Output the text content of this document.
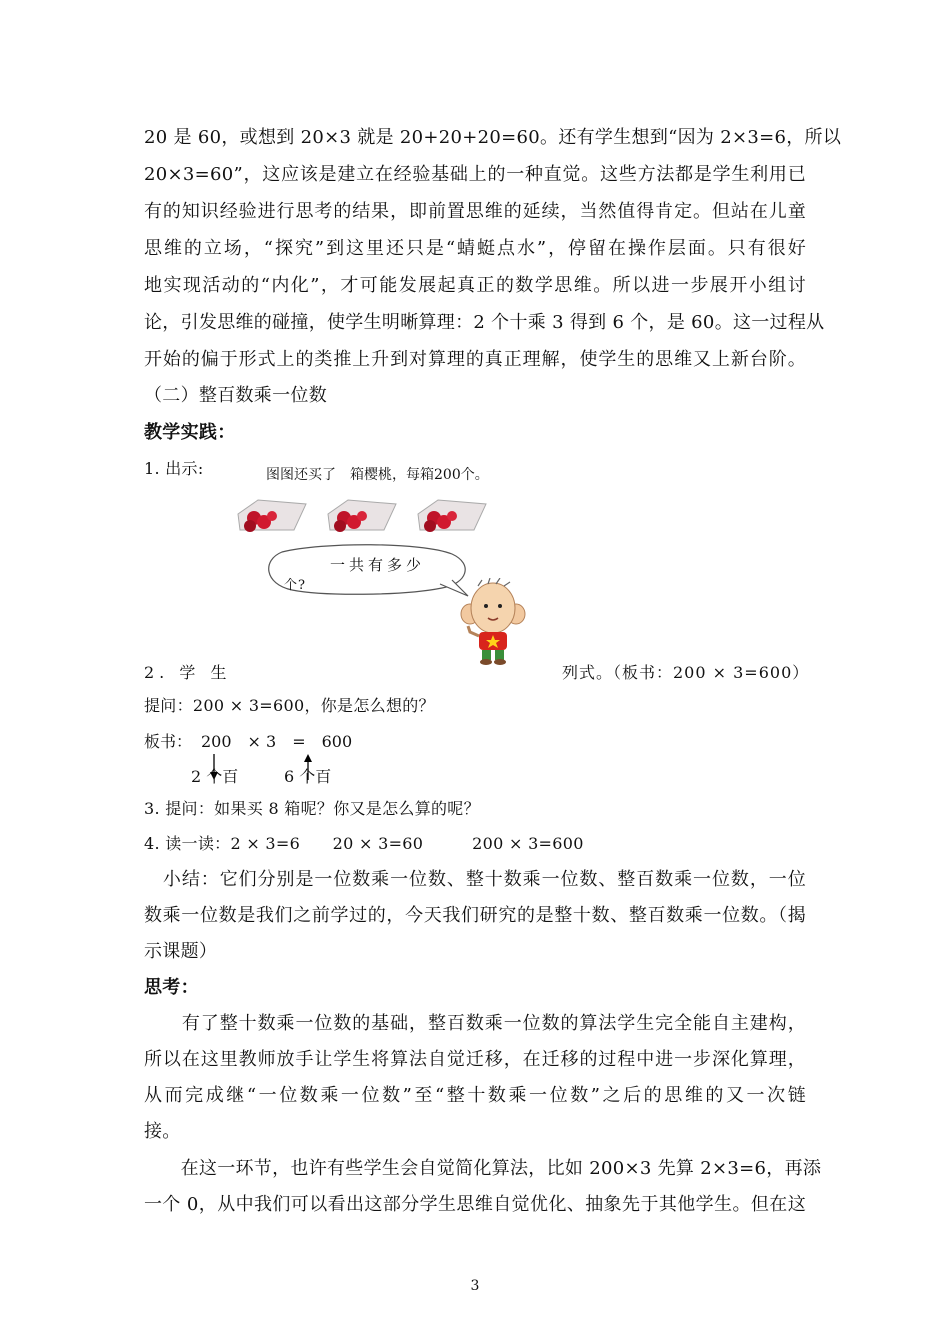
20 是 60，或想到 20×3 就是 20+20+20=60。还有学生想到“因为 2×3=6，所以
20×3=60”，这应该是建立在经验基础上的一种直觉。这些方法都是学生利用已
有的知识经验进行思考的结果，即前置思维的延续，当然值得肯定。但站在儿童
思维的立场，“探究”到这里还只是“蜻蜓点水”，停留在操作层面。只有很好
地实现活动的“内化”，才可能发展起真正的数学思维。所以进一步展开小组讨
论，引发思维的碰撞，使学生明晰算理：2 个十乘 3 得到 6 个，是 60。这一过程从
开始的偏于形式上的类推上升到对算理的真正理解，使学生的思维又上新台阶。
（二）整百数乘一位数
教学实践：
1. 出示:	图图还买了　箱樱桃，每箱200个。
一共有多少
个?
2. 学 生	列式。（板书：200 × 3=600）
提问：200 × 3=600，你是怎么想的？
板书： 200　× 3　=　600
2 个百	6 个百
3. 提问：如果买 8 箱呢？你又是怎么算的呢？
4. 读一读：2 × 3=6　　20 × 3=60　　　200 × 3=600
　小结：它们分别是一位数乘一位数、整十数乘一位数、整百数乘一位数，一位
数乘一位数是我们之前学过的，今天我们研究的是整十数、整百数乘一位数。（揭
示课题）
思考：
　　有了整十数乘一位数的基础，整百数乘一位数的算法学生完全能自主建构，
所以在这里教师放手让学生将算法自觉迁移，在迁移的过程中进一步深化算理，
从而完成继“一位数乘一位数”至“整十数乘一位数”之后的思维的又一次链
接。
　　在这一环节，也许有些学生会自觉简化算法，比如 200×3 先算 2×3=6，再添
一个 0，从中我们可以看出这部分学生思维自觉优化、抽象先于其他学生。但在这
3
